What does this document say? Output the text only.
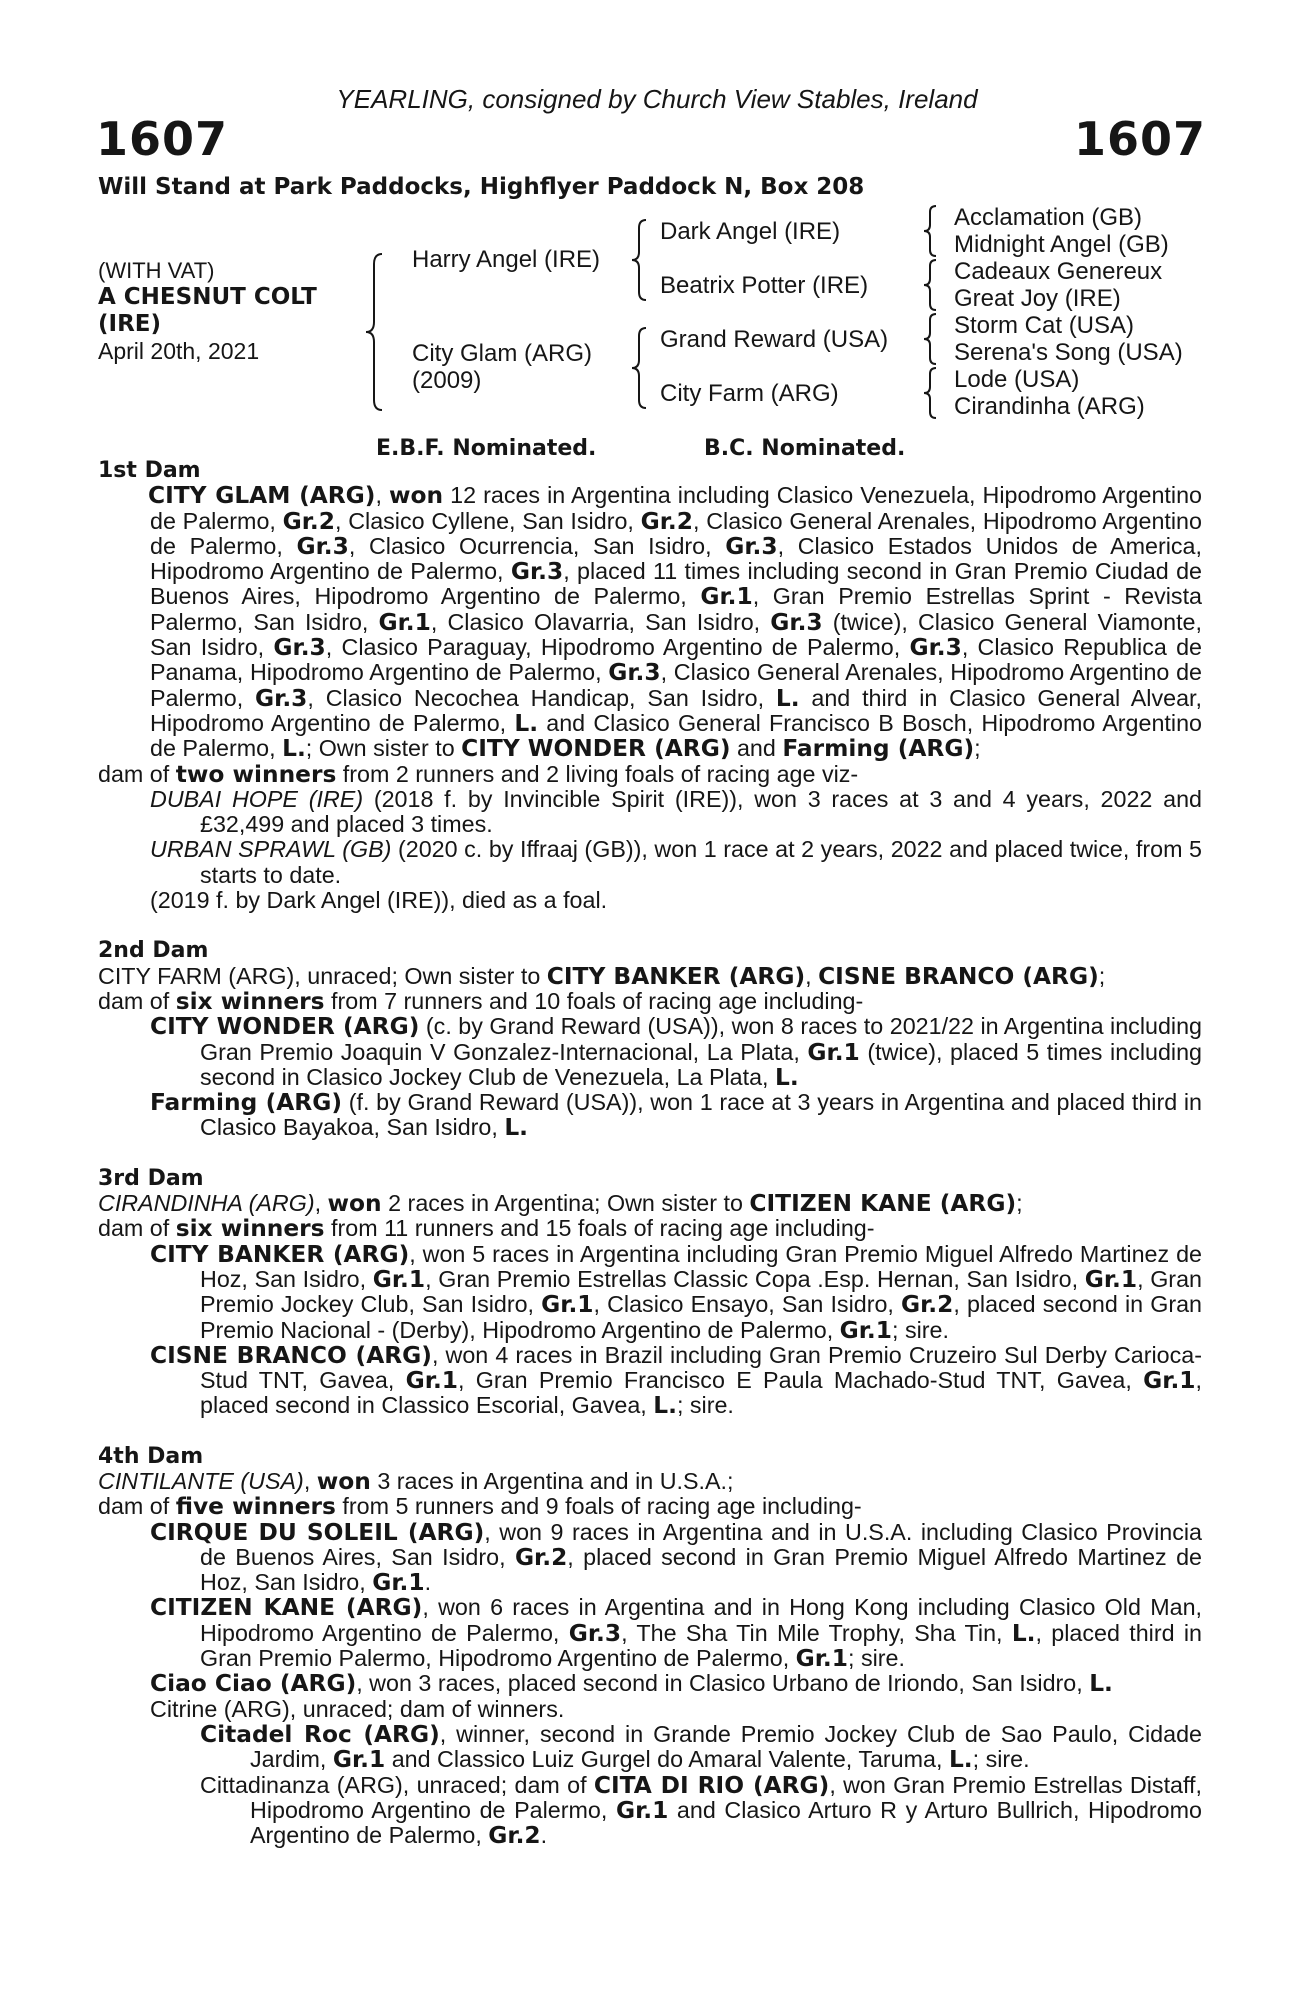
YEARLING, consigned by Church View Stables, Ireland
1607	1607
Will Stand at Park Paddocks, Highflyer Paddock N, Box 208
(WITH VAT)
A CHESNUT COLT
(IRE)
April 20th, 2021
Harry Angel (IRE)
City Glam (ARG)
(2009)
Dark Angel (IRE)
Beatrix Potter (IRE)
Grand Reward (USA)
City Farm (ARG)
Acclamation (GB)
Midnight Angel (GB)
Cadeaux Genereux
Great Joy (IRE)
Storm Cat (USA)
Serena's Song (USA)
Lode (USA)
Cirandinha (ARG)
E.B.F. Nominated.	B.C. Nominated.
1st Dam

CITY GLAM (ARG), won 12 races in Argentina including Clasico Venezuela, Hipodromo Argentino de Palermo, Gr.2, Clasico Cyllene, San Isidro, Gr.2, Clasico General Arenales, Hipodromo Argentino de Palermo, Gr.3, Clasico Ocurrencia, San Isidro, Gr.3, Clasico Estados Unidos de America, Hipodromo Argentino de Palermo, Gr.3, placed 11 times including second in Gran Premio Ciudad de Buenos Aires, Hipodromo Argentino de Palermo, Gr.1, Gran Premio Estrellas Sprint - Revista Palermo, San Isidro, Gr.1, Clasico Olavarria, San Isidro, Gr.3 (twice), Clasico General Viamonte, San Isidro, Gr.3, Clasico Paraguay, Hipodromo Argentino de Palermo, Gr.3, Clasico Republica de Panama, Hipodromo Argentino de Palermo, Gr.3, Clasico General Arenales, Hipodromo Argentino de Palermo, Gr.3, Clasico Necochea Handicap, San Isidro, L. and third in Clasico General Alvear, Hipodromo Argentino de Palermo, L. and Clasico General Francisco B Bosch, Hipodromo Argentino de Palermo, L.; Own sister to CITY WONDER (ARG) and Farming (ARG);

dam of two winners from 2 runners and 2 living foals of racing age viz-

DUBAI HOPE (IRE) (2018 f. by Invincible Spirit (IRE)), won 3 races at 3 and 4 years, 2022 and £32,499 and placed 3 times.

URBAN SPRAWL (GB) (2020 c. by Iffraaj (GB)), won 1 race at 2 years, 2022 and placed twice, from 5 starts to date.

(2019 f. by Dark Angel (IRE)), died as a foal.

2nd Dam

CITY FARM (ARG), unraced; Own sister to CITY BANKER (ARG), CISNE BRANCO (ARG);

dam of six winners from 7 runners and 10 foals of racing age including-

CITY WONDER (ARG) (c. by Grand Reward (USA)), won 8 races to 2021/22 in Argentina including Gran Premio Joaquin V Gonzalez-Internacional, La Plata, Gr.1 (twice), placed 5 times including second in Clasico Jockey Club de Venezuela, La Plata, L.

Farming (ARG) (f. by Grand Reward (USA)), won 1 race at 3 years in Argentina and placed third in Clasico Bayakoa, San Isidro, L.

3rd Dam

CIRANDINHA (ARG), won 2 races in Argentina; Own sister to CITIZEN KANE (ARG);

dam of six winners from 11 runners and 15 foals of racing age including-

CITY BANKER (ARG), won 5 races in Argentina including Gran Premio Miguel Alfredo Martinez de Hoz, San Isidro, Gr.1, Gran Premio Estrellas Classic Copa .Esp. Hernan, San Isidro, Gr.1, Gran Premio Jockey Club, San Isidro, Gr.1, Clasico Ensayo, San Isidro, Gr.2, placed second in Gran Premio Nacional - (Derby), Hipodromo Argentino de Palermo, Gr.1; sire.

CISNE BRANCO (ARG), won 4 races in Brazil including Gran Premio Cruzeiro Sul Derby Carioca-Stud TNT, Gavea, Gr.1, Gran Premio Francisco E Paula Machado-Stud TNT, Gavea, Gr.1, placed second in Classico Escorial, Gavea, L.; sire.

4th Dam

CINTILANTE (USA), won 3 races in Argentina and in U.S.A.;

dam of five winners from 5 runners and 9 foals of racing age including-

CIRQUE DU SOLEIL (ARG), won 9 races in Argentina and in U.S.A. including Clasico Provincia de Buenos Aires, San Isidro, Gr.2, placed second in Gran Premio Miguel Alfredo Martinez de Hoz, San Isidro, Gr.1.

CITIZEN KANE (ARG), won 6 races in Argentina and in Hong Kong including Clasico Old Man, Hipodromo Argentino de Palermo, Gr.3, The Sha Tin Mile Trophy, Sha Tin, L., placed third in Gran Premio Palermo, Hipodromo Argentino de Palermo, Gr.1; sire.

Ciao Ciao (ARG), won 3 races, placed second in Clasico Urbano de Iriondo, San Isidro, L.

Citrine (ARG), unraced; dam of winners.

Citadel Roc (ARG), winner, second in Grande Premio Jockey Club de Sao Paulo, Cidade Jardim, Gr.1 and Classico Luiz Gurgel do Amaral Valente, Taruma, L.; sire.

Cittadinanza (ARG), unraced; dam of CITA DI RIO (ARG), won Gran Premio Estrellas Distaff, Hipodromo Argentino de Palermo, Gr.1 and Clasico Arturo R y Arturo Bullrich, Hipodromo Argentino de Palermo, Gr.2.
